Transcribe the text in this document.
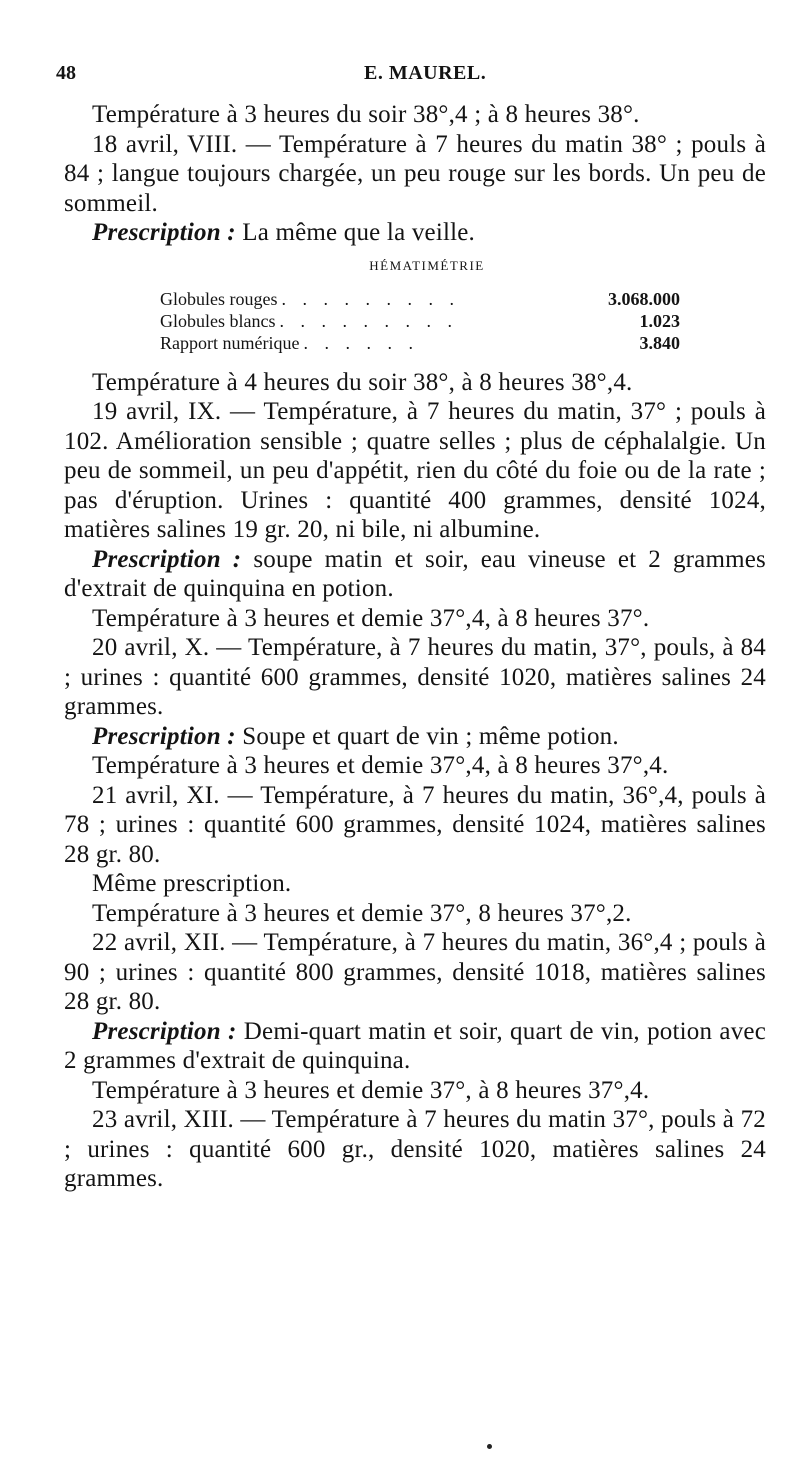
48	E. MAUREL.

Température à 3 heures du soir 38°,4 ; à 8 heures 38°.

18 avril, VIII. — Température à 7 heures du matin 38° ; pouls à 84 ; langue toujours chargée, un peu rouge sur les bords. Un peu de sommeil.

Prescription : La même que la veille.

HÉMATIMÉTRIE
Globules rouges . . . . . . . . .	3.068.000
Globules blancs . . . . . . . . .	1.023
Rapport numérique . . . . . .	3.840

Température à 4 heures du soir 38°, à 8 heures 38°,4.

19 avril, IX. — Température, à 7 heures du matin, 37° ; pouls à 102. Amélioration sensible ; quatre selles ; plus de céphalalgie. Un peu de sommeil, un peu d'appétit, rien du côté du foie ou de la rate ; pas d'éruption. Urines : quantité 400 grammes, densité 1024, matières salines 19 gr. 20, ni bile, ni albumine.

Prescription : soupe matin et soir, eau vineuse et 2 grammes d'extrait de quinquina en potion.

Température à 3 heures et demie 37°,4, à 8 heures 37°.

20 avril, X. — Température, à 7 heures du matin, 37°, pouls, à 84 ; urines : quantité 600 grammes, densité 1020, matières salines 24 grammes.

Prescription : Soupe et quart de vin ; même potion.

Température à 3 heures et demie 37°,4, à 8 heures 37°,4.

21 avril, XI. — Température, à 7 heures du matin, 36°,4, pouls à 78 ; urines : quantité 600 grammes, densité 1024, matières salines 28 gr. 80.

Même prescription.

Température à 3 heures et demie 37°, 8 heures 37°,2.

22 avril, XII. — Température, à 7 heures du matin, 36°,4 ; pouls à 90 ; urines : quantité 800 grammes, densité 1018, matières salines 28 gr. 80.

Prescription : Demi-quart matin et soir, quart de vin, potion avec 2 grammes d'extrait de quinquina.

Température à 3 heures et demie 37°, à 8 heures 37°,4.

23 avril, XIII. — Température à 7 heures du matin 37°, pouls à 72 ; urines : quantité 600 gr., densité 1020, matières salines 24 grammes.
